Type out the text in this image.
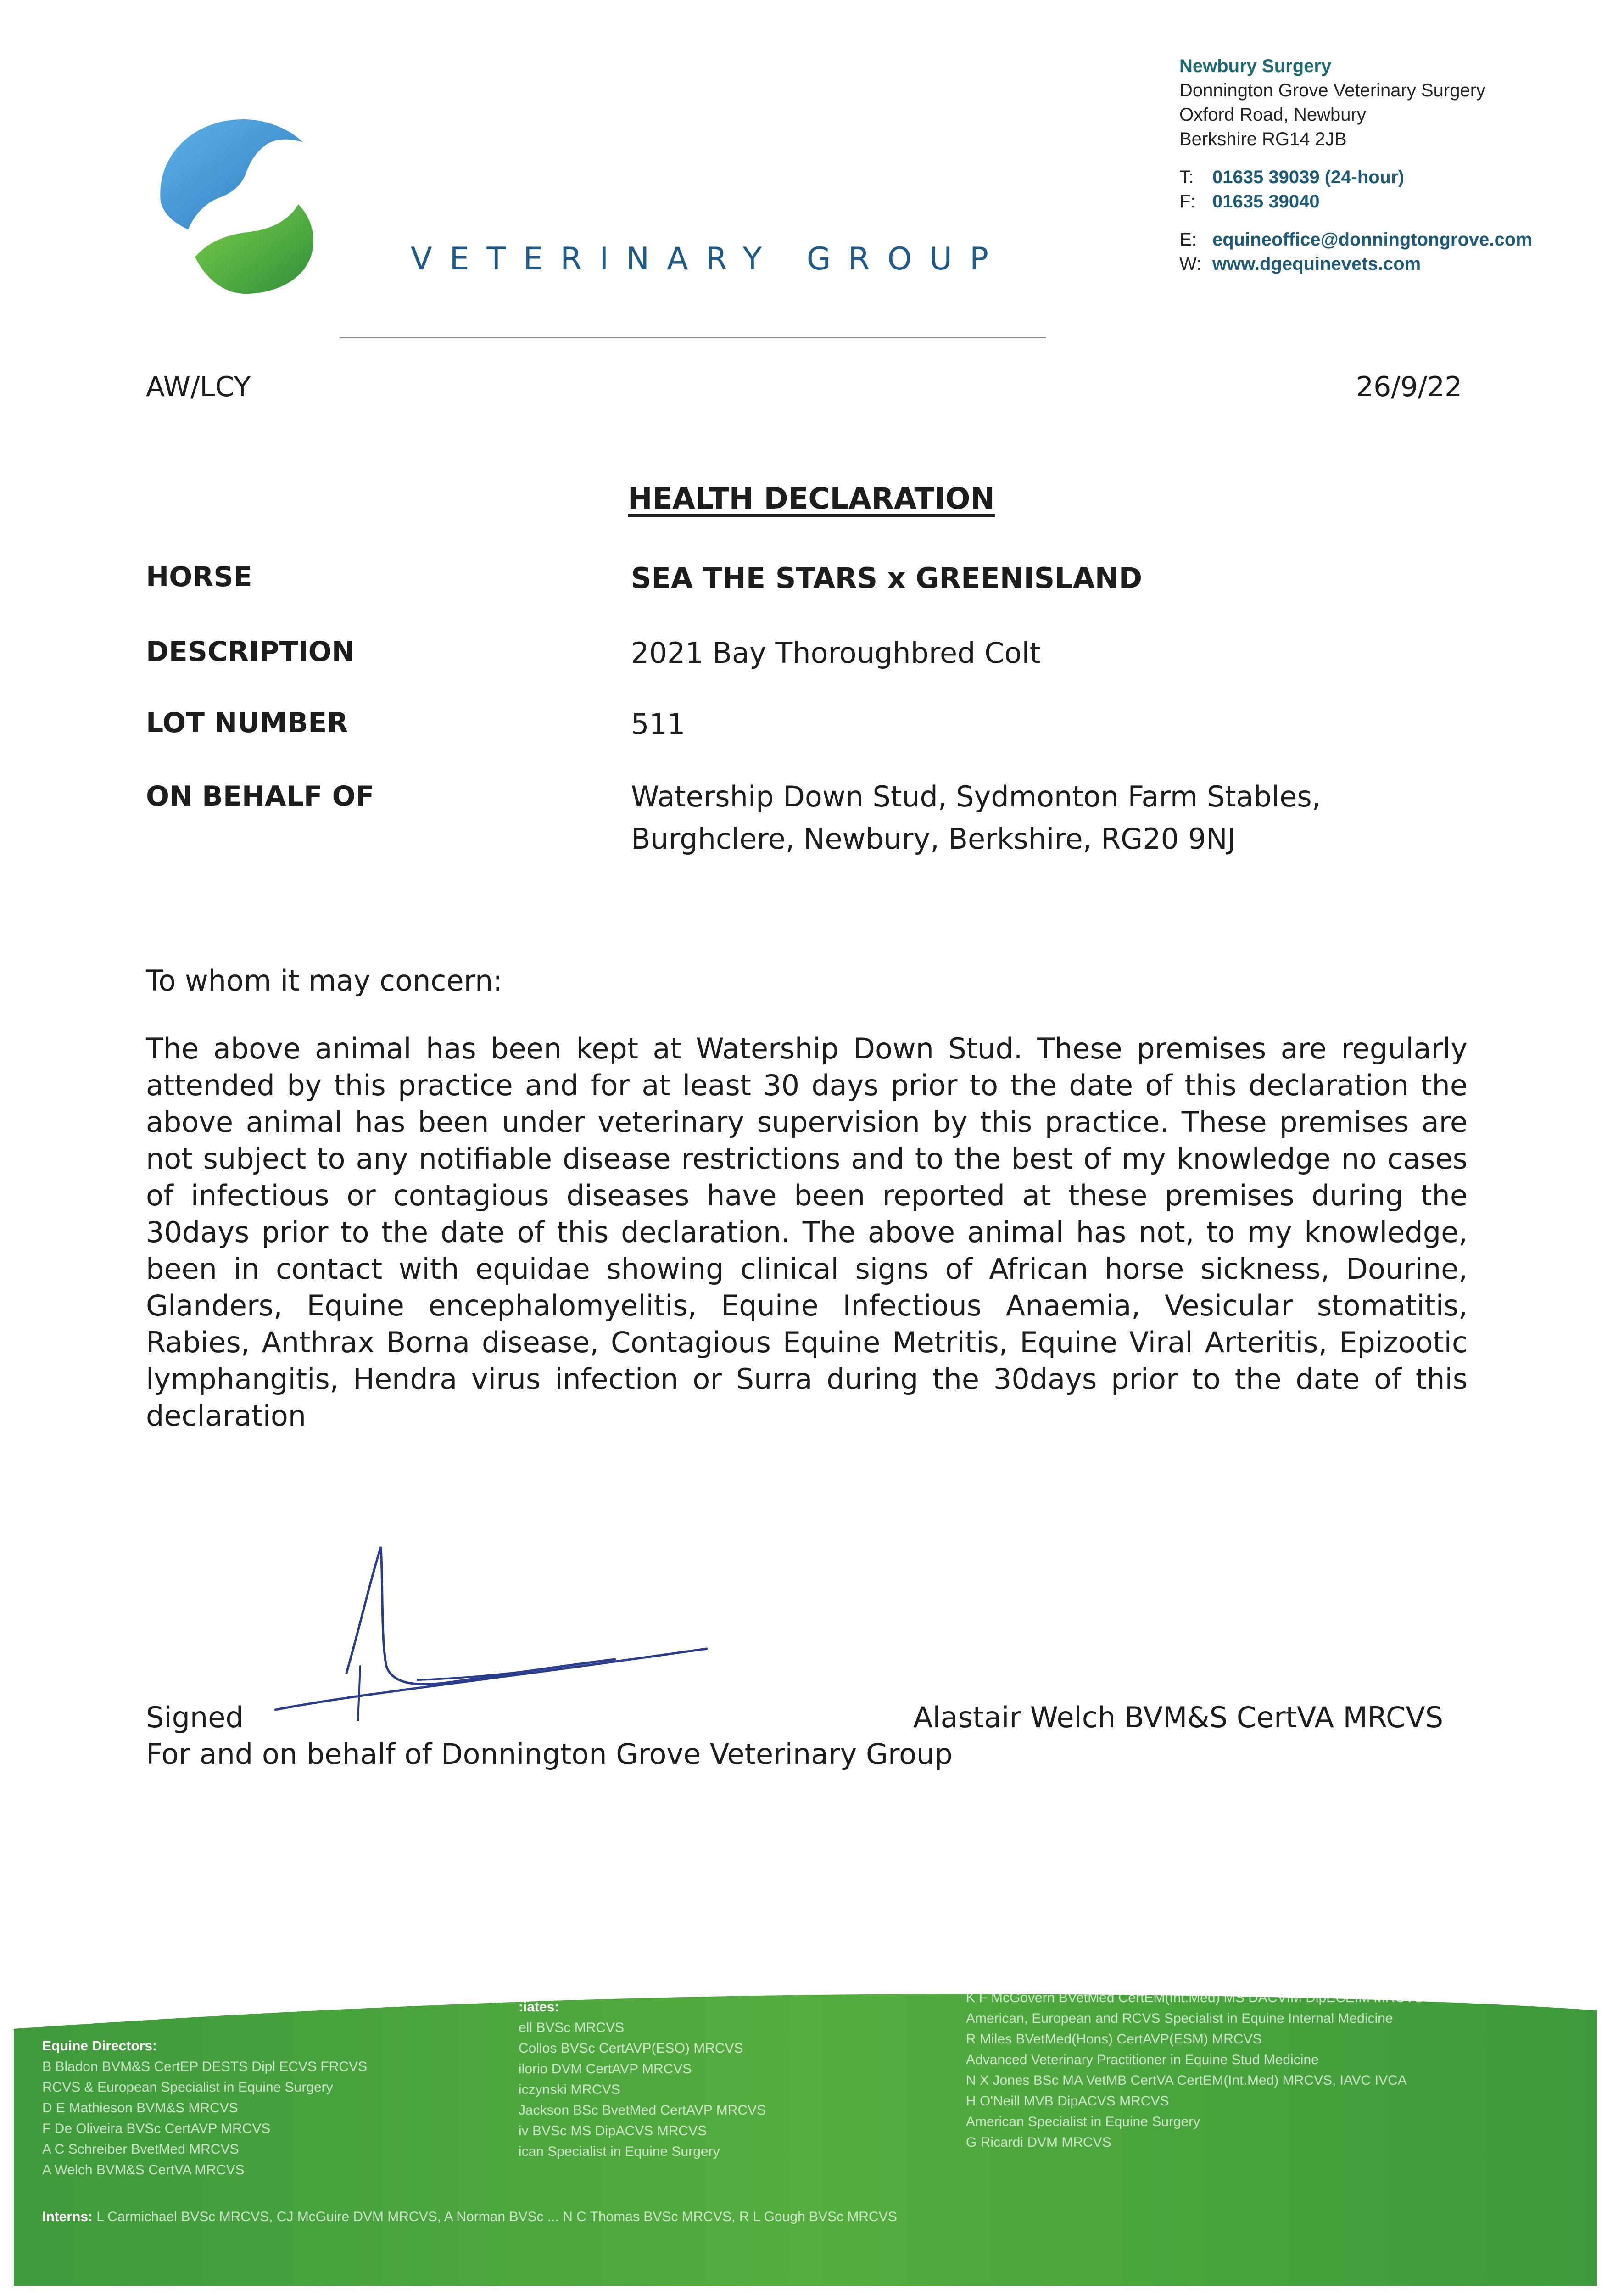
VETERINARY GROUP
Newbury Surgery
Donnington Grove Veterinary Surgery
Oxford Road, Newbury
Berkshire RG14 2JB
T: 01635 39039 (24-hour)
F: 01635 39040
E: equineoffice@donningtongrove.com
W: www.dgequinevets.com
AW/LCY	26/9/22
HEALTH DECLARATION
HORSE	SEA THE STARS x GREENISLAND
DESCRIPTION	2021 Bay Thoroughbred Colt
LOT NUMBER	511
ON BEHALF OF	Watership Down Stud, Sydmonton Farm Stables,
Burghclere, Newbury, Berkshire, RG20 9NJ
To whom it may concern:
The above animal has been kept at Watership Down Stud. These premises are regularly attended by this practice and for at least 30 days prior to the date of this declaration the above animal has been under veterinary supervision by this practice. These premises are not subject to any notifiable disease restrictions and to the best of my knowledge no cases of infectious or contagious diseases have been reported at these premises during the 30days prior to the date of this declaration. The above animal has not, to my knowledge, been in contact with equidae showing clinical signs of African horse sickness, Dourine, Glanders, Equine encephalomyelitis, Equine Infectious Anaemia, Vesicular stomatitis, Rabies, Anthrax Borna disease, Contagious Equine Metritis, Equine Viral Arteritis, Epizootic lymphangitis, Hendra virus infection or Surra during the 30days prior to the date of this declaration
Signed	Alastair Welch BVM&S CertVA MRCVS
For and on behalf of Donnington Grove Veterinary Group
Equine Directors:
B Bladon BVM&S CertEP DESTS Dipl ECVS FRCVS
RCVS & European Specialist in Equine Surgery
D E Mathieson BVM&S MRCVS
F De Oliveira BVSc CertAVP MRCVS
A C Schreiber BvetMed MRCVS
A Welch BVM&S CertVA MRCVS
:iates:
ell BVSc MRCVS
Collos BVSc CertAVP(ESO) MRCVS
ilorio DVM CertAVP MRCVS
iczynski MRCVS
Jackson BSc BvetMed CertAVP MRCVS
iv BVSc MS DipACVS MRCVS
ican Specialist in Equine Surgery
K F McGovern BVetMed CertEM(Int.Med) MS DACVIM DipECEIM MRCVS
American, European and RCVS Specialist in Equine Internal Medicine
R Miles BVetMed(Hons) CertAVP(ESM) MRCVS
Advanced Veterinary Practitioner in Equine Stud Medicine
N X Jones BSc MA VetMB CertVA CertEM(Int.Med) MRCVS, IAVC IVCA
H O'Neill MVB DipACVS MRCVS
American Specialist in Equine Surgery
G Ricardi DVM MRCVS
Interns: L Carmichael BVSc MRCVS, CJ McGuire DVM MRCVS, A Norman BVSc ... N C Thomas BVSc MRCVS, R L Gough BVSc MRCVS
